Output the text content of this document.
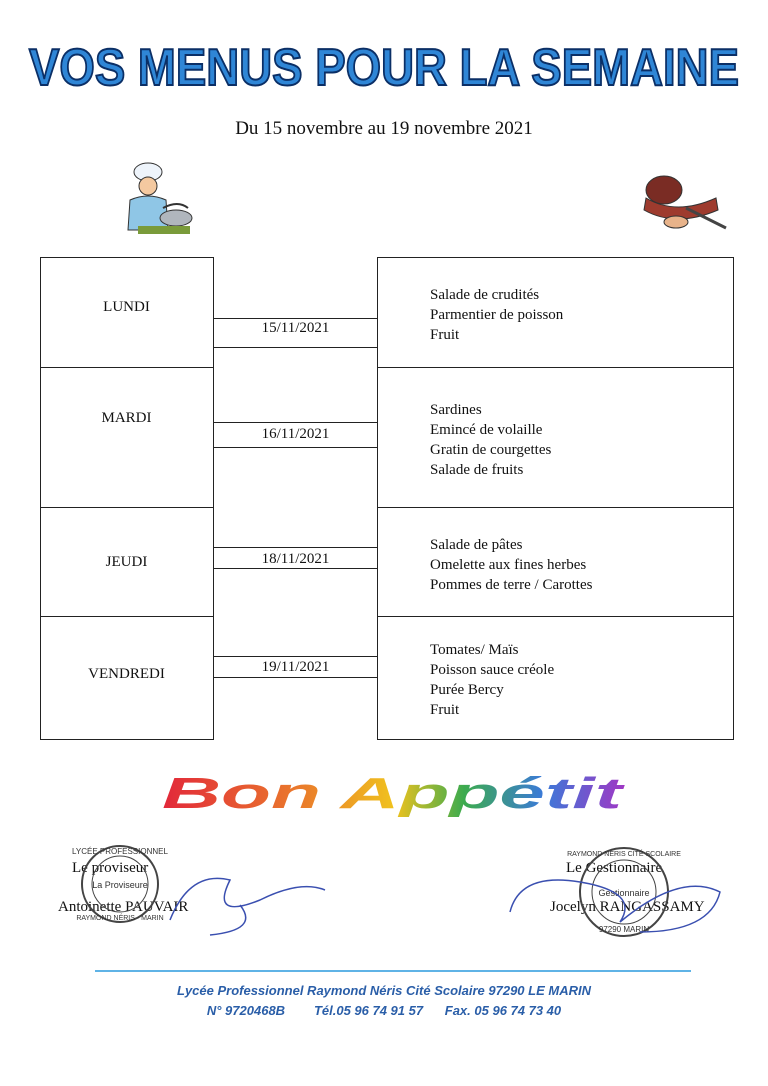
VOS MENUS POUR LA SEMAINE
Du 15 novembre au 19 novembre 2021
LUNDI
15/11/2021
Salade de crudités
Parmentier de poisson
Fruit
MARDI
16/11/2021
Sardines
Emincé de volaille
Gratin de courgettes
Salade de fruits
JEUDI	18/11/2021
Salade de pâtes
Omelette aux fines herbes
Pommes de terre / Carottes
VENDREDI	19/11/2021
Tomates/ Maïs
Poisson sauce créole
Purée Bercy
Fruit
Bon Appétit
Le proviseur
Antoinette PAUVAIR
LYCÉE PROFESSIONNEL
La Proviseure
RAYMOND NÉRIS - MARIN
Le Gestionnaire
Jocelyn RANGASSAMY
RAYMOND NÉRIS CITÉ SCOLAIRE
Gestionnaire
97290 MARIN
Lycée Professionnel Raymond Néris Cité Scolaire 97290 LE MARIN
N° 9720468B        Tél.05 96 74 91 57      Fax. 05 96 74 73 40
